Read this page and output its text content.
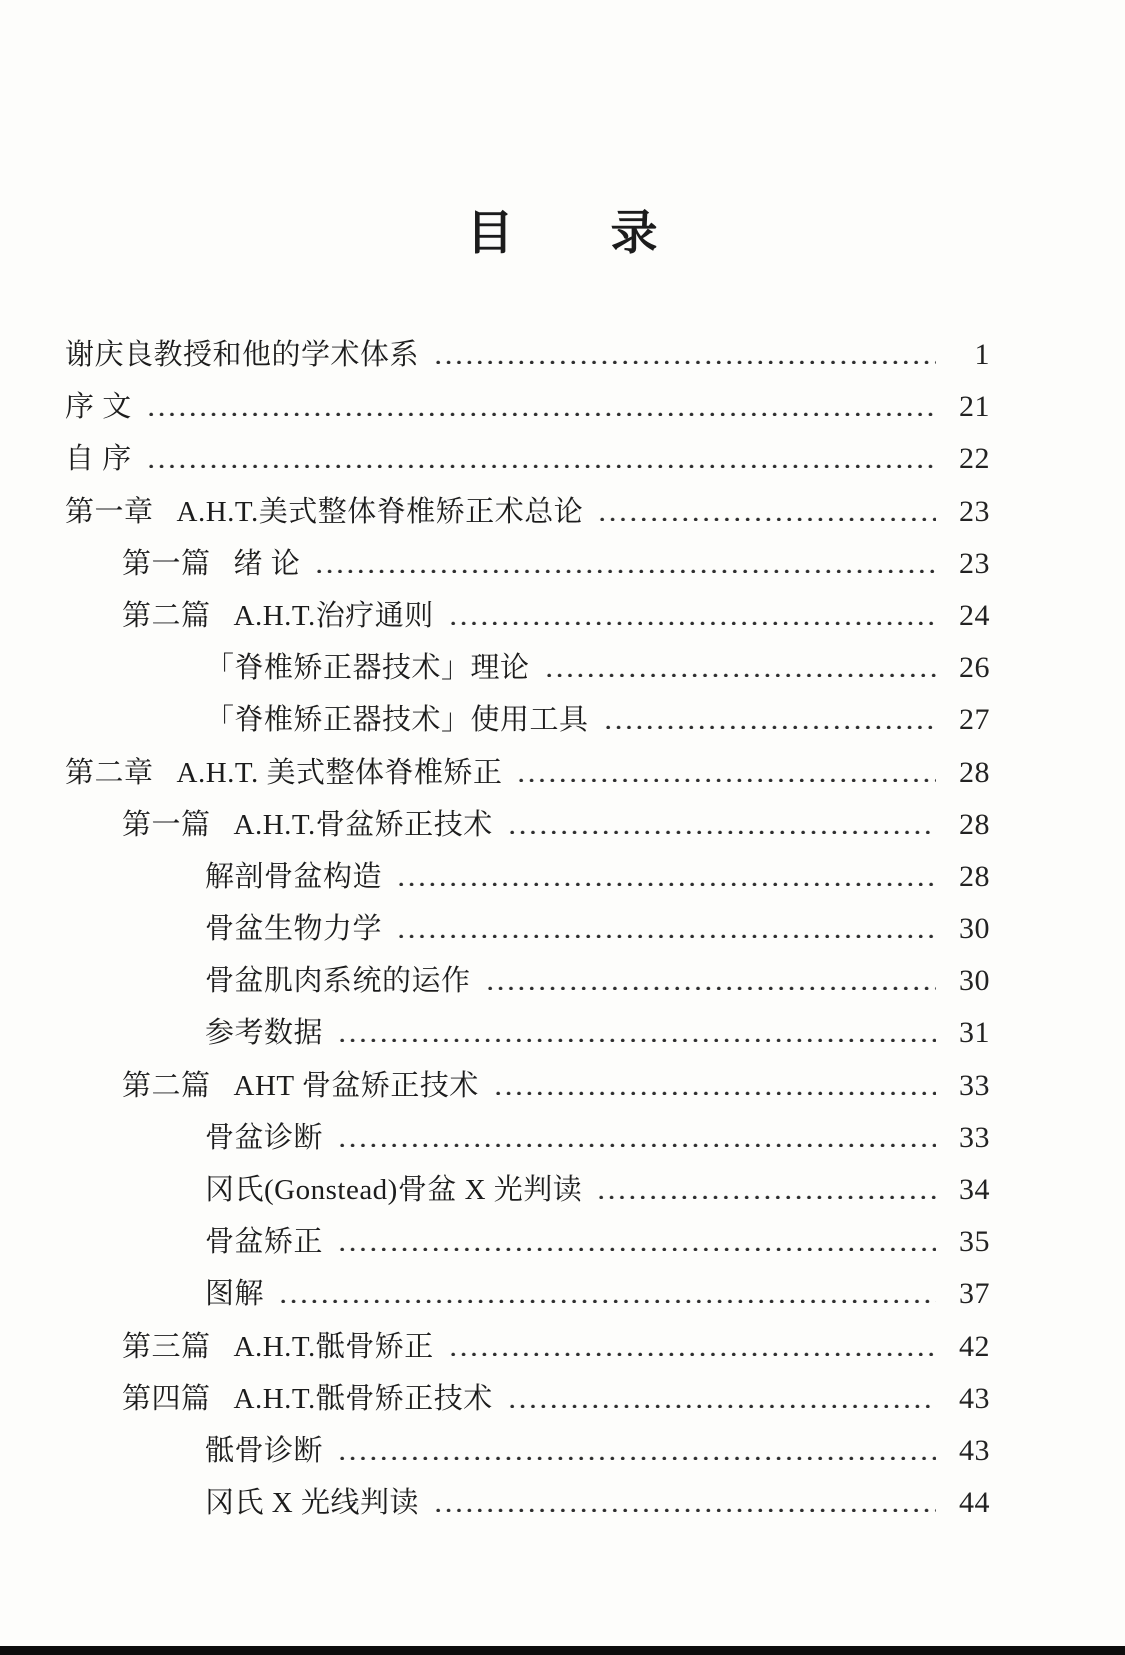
目　　录
谢庆良教授和他的学术体系	1
序 文	21
自 序	22
第一章 A.H.T.美式整体脊椎矫正术总论	23
第一篇 绪 论	23
第二篇 A.H.T.治疗通则	24
「脊椎矫正器技术」理论	26
「脊椎矫正器技术」使用工具	27
第二章 A.H.T. 美式整体脊椎矫正	28
第一篇 A.H.T.骨盆矫正技术	28
解剖骨盆构造	28
骨盆生物力学	30
骨盆肌肉系统的运作	30
参考数据	31
第二篇 AHT 骨盆矫正技术	33
骨盆诊断	33
冈氏(Gonstead)骨盆 X 光判读	34
骨盆矫正	35
图解	37
第三篇 A.H.T.骶骨矫正	42
第四篇 A.H.T.骶骨矫正技术	43
骶骨诊断	43
冈氏 X 光线判读	44
